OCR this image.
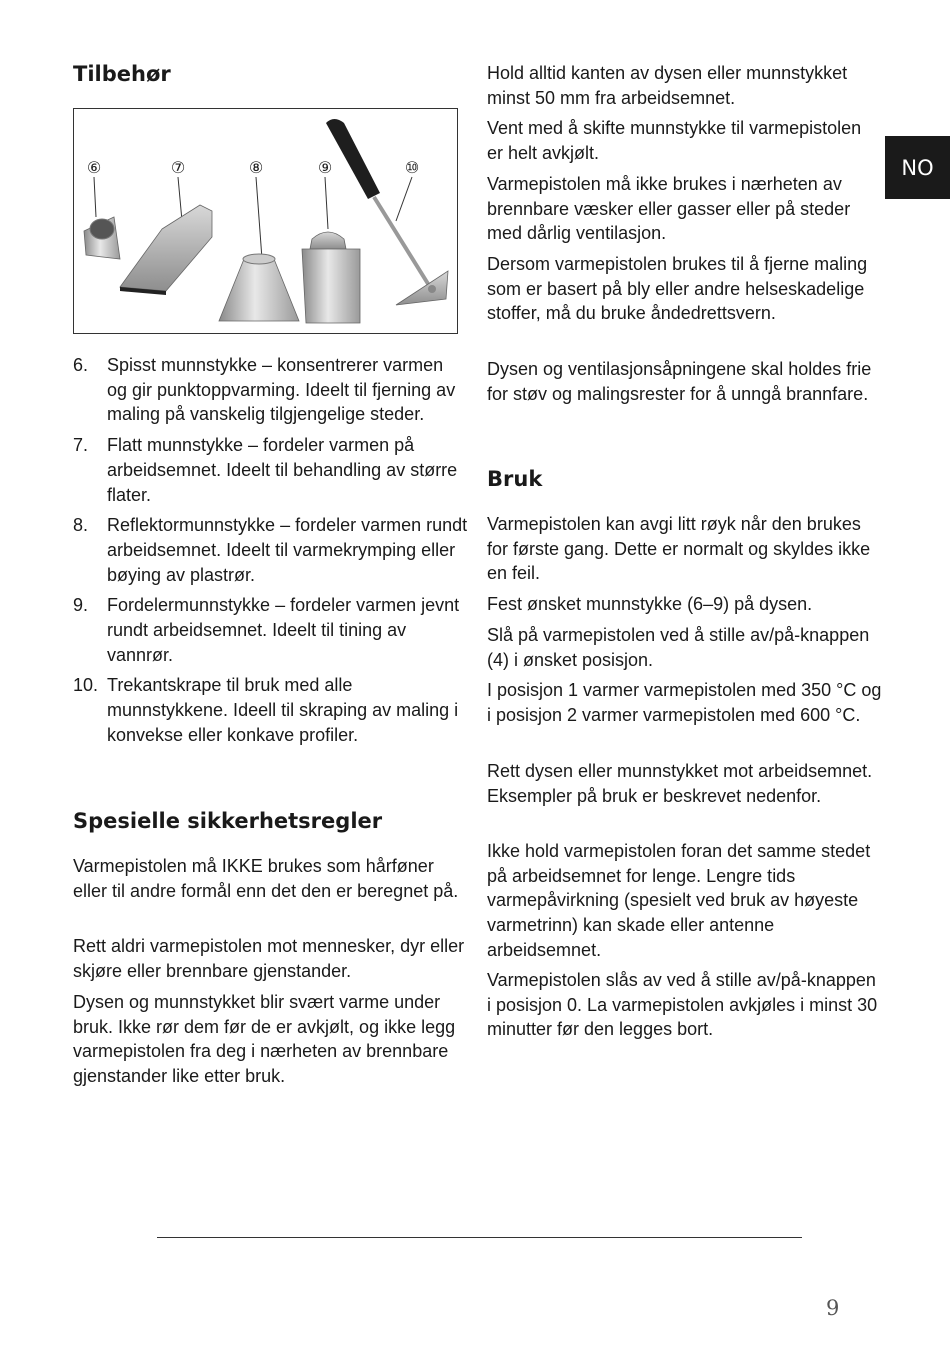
NO
Tilbehør
⑥	⑦	⑧	⑨	⑩
6. Spisst munnstykke – konsentrerer varmen og gir punktoppvarming. Ideelt til fjerning av maling på vanskelig tilgjengelige steder.
7. Flatt munnstykke – fordeler varmen på arbeidsemnet. Ideelt til behandling av større flater.
8. Reflektormunnstykke – fordeler varmen rundt arbeidsemnet. Ideelt til varmekrymping eller bøying av plastrør.
9. Fordelermunnstykke – fordeler varmen jevnt rundt arbeidsemnet. Ideelt til tining av vannrør.
10. Trekantskrape til bruk med alle munnstykkene. Ideell til skraping av maling i konvekse eller konkave profiler.
Spesielle sikkerhetsregler

Varmepistolen må IKKE brukes som hårføner eller til andre formål enn det den er beregnet på.

Rett aldri varmepistolen mot mennesker, dyr eller skjøre eller brennbare gjenstander.

Dysen og munnstykket blir svært varme under bruk. Ikke rør dem før de er avkjølt, og ikke legg varmepistolen fra deg i nærheten av brennbare gjenstander like etter bruk.

Hold alltid kanten av dysen eller munnstykket minst 50 mm fra arbeidsemnet.

Vent med å skifte munnstykke til varmepistolen er helt avkjølt.

Varmepistolen må ikke brukes i nærheten av brennbare væsker eller gasser eller på steder med dårlig ventilasjon.

Dersom varmepistolen brukes til å fjerne maling som er basert på bly eller andre helseskadelige stoffer, må du bruke åndedrettsvern.

Dysen og ventilasjonsåpningene skal holdes frie for støv og malingsrester for å unngå brannfare.

Bruk

Varmepistolen kan avgi litt røyk når den brukes for første gang. Dette er normalt og skyldes ikke en feil.

Fest ønsket munnstykke (6–9) på dysen.

Slå på varmepistolen ved å stille av/på-knappen (4) i ønsket posisjon.

I posisjon 1 varmer varmepistolen med 350 °C og i posisjon 2 varmer varmepistolen med 600 °C.

Rett dysen eller munnstykket mot arbeidsemnet. Eksempler på bruk er beskrevet nedenfor.

Ikke hold varmepistolen foran det samme stedet på arbeidsemnet for lenge. Lengre tids varmepåvirkning (spesielt ved bruk av høyeste varmetrinn) kan skade eller antenne arbeidsemnet.

Varmepistolen slås av ved å stille av/på-knappen i posisjon 0. La varmepistolen avkjøles i minst 30 minutter før den legges bort.

9
